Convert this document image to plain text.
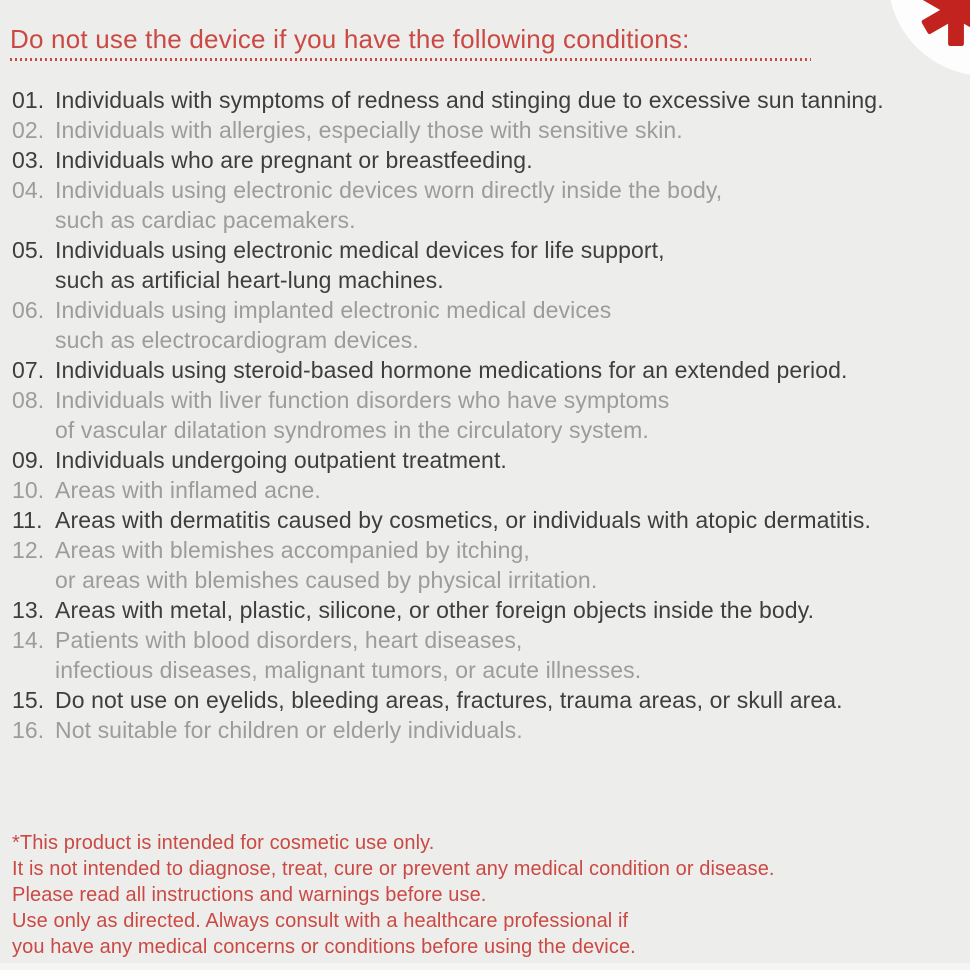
Do not use the device if you have the following conditions:
01. Individuals with symptoms of redness and stinging due to excessive sun tanning.
02. Individuals with allergies, especially those with sensitive skin.
03. Individuals who are pregnant or breastfeeding.
04. Individuals using electronic devices worn directly inside the body,
such as cardiac pacemakers.
05. Individuals using electronic medical devices for life support,
such as artificial heart-lung machines.
06. Individuals using implanted electronic medical devices
such as electrocardiogram devices.
07. Individuals using steroid-based hormone medications for an extended period.
08. Individuals with liver function disorders who have symptoms
of vascular dilatation syndromes in the circulatory system.
09. Individuals undergoing outpatient treatment.
10. Areas with inflamed acne.
11. Areas with dermatitis caused by cosmetics, or individuals with atopic dermatitis.
12. Areas with blemishes accompanied by itching,
or areas with blemishes caused by physical irritation.
13. Areas with metal, plastic, silicone, or other foreign objects inside the body.
14. Patients with blood disorders, heart diseases,
infectious diseases, malignant tumors, or acute illnesses.
15. Do not use on eyelids, bleeding areas, fractures, trauma areas, or skull area.
16. Not suitable for children or elderly individuals.
*This product is intended for cosmetic use only.
It is not intended to diagnose, treat, cure or prevent any medical condition or disease.
Please read all instructions and warnings before use.
Use only as directed. Always consult with a healthcare professional if
you have any medical concerns or conditions before using the device.
